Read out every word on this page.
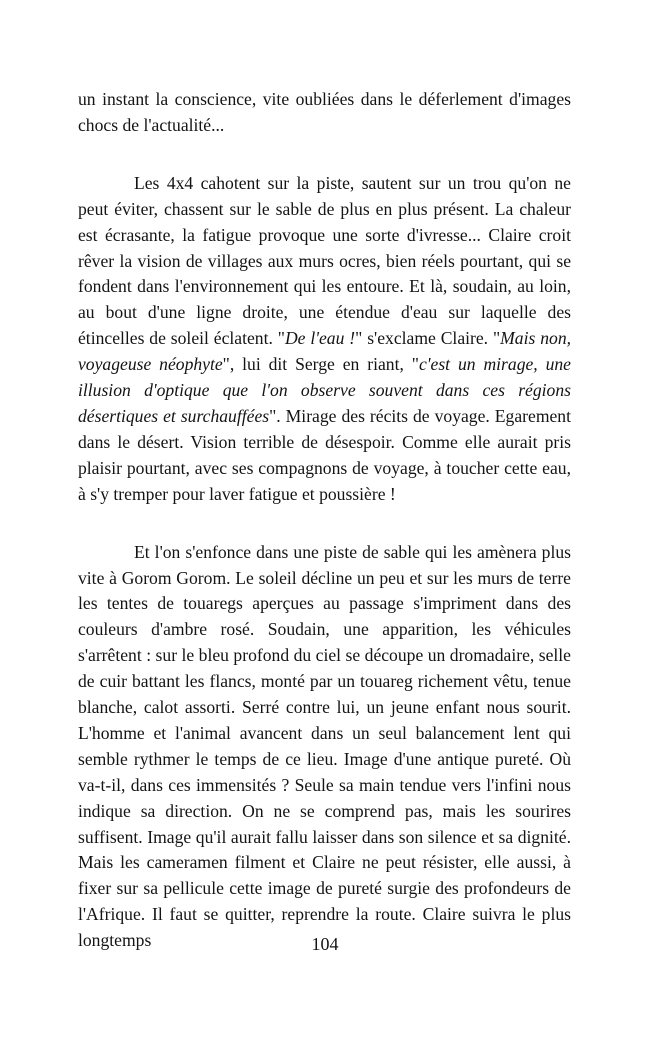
un instant la conscience, vite oubliées dans le déferlement d'images chocs de l'actualité...

Les 4x4 cahotent sur la piste, sautent sur un trou qu'on ne peut éviter, chassent sur le sable de plus en plus présent. La chaleur est écrasante, la fatigue provoque une sorte d'ivresse... Claire croit rêver la vision de villages aux murs ocres, bien réels pourtant, qui se fondent dans l'environnement qui les entoure. Et là, soudain, au loin, au bout d'une ligne droite, une étendue d'eau sur laquelle des étincelles de soleil éclatent. "De l'eau !" s'exclame Claire. "Mais non, voyageuse néophyte", lui dit Serge en riant, "c'est un mirage, une illusion d'optique que l'on observe souvent dans ces régions désertiques et surchauffées". Mirage des récits de voyage. Egarement dans le désert. Vision terrible de désespoir. Comme elle aurait pris plaisir pourtant, avec ses compagnons de voyage, à toucher cette eau, à s'y tremper pour laver fatigue et poussière !

Et l'on s'enfonce dans une piste de sable qui les amènera plus vite à Gorom Gorom. Le soleil décline un peu et sur les murs de terre les tentes de touaregs aperçues au passage s'impriment dans des couleurs d'ambre rosé. Soudain, une apparition, les véhicules s'arrêtent : sur le bleu profond du ciel se découpe un dromadaire, selle de cuir battant les flancs, monté par un touareg richement vêtu, tenue blanche, calot assorti. Serré contre lui, un jeune enfant nous sourit. L'homme et l'animal avancent dans un seul balancement lent qui semble rythmer le temps de ce lieu. Image d'une antique pureté. Où va-t-il, dans ces immensités ? Seule sa main tendue vers l'infini nous indique sa direction. On ne se comprend pas, mais les sourires suffisent. Image qu'il aurait fallu laisser dans son silence et sa dignité. Mais les cameramen filment et Claire ne peut résister, elle aussi, à fixer sur sa pellicule cette image de pureté surgie des profondeurs de l'Afrique. Il faut se quitter, reprendre la route. Claire suivra le plus longtemps	104
